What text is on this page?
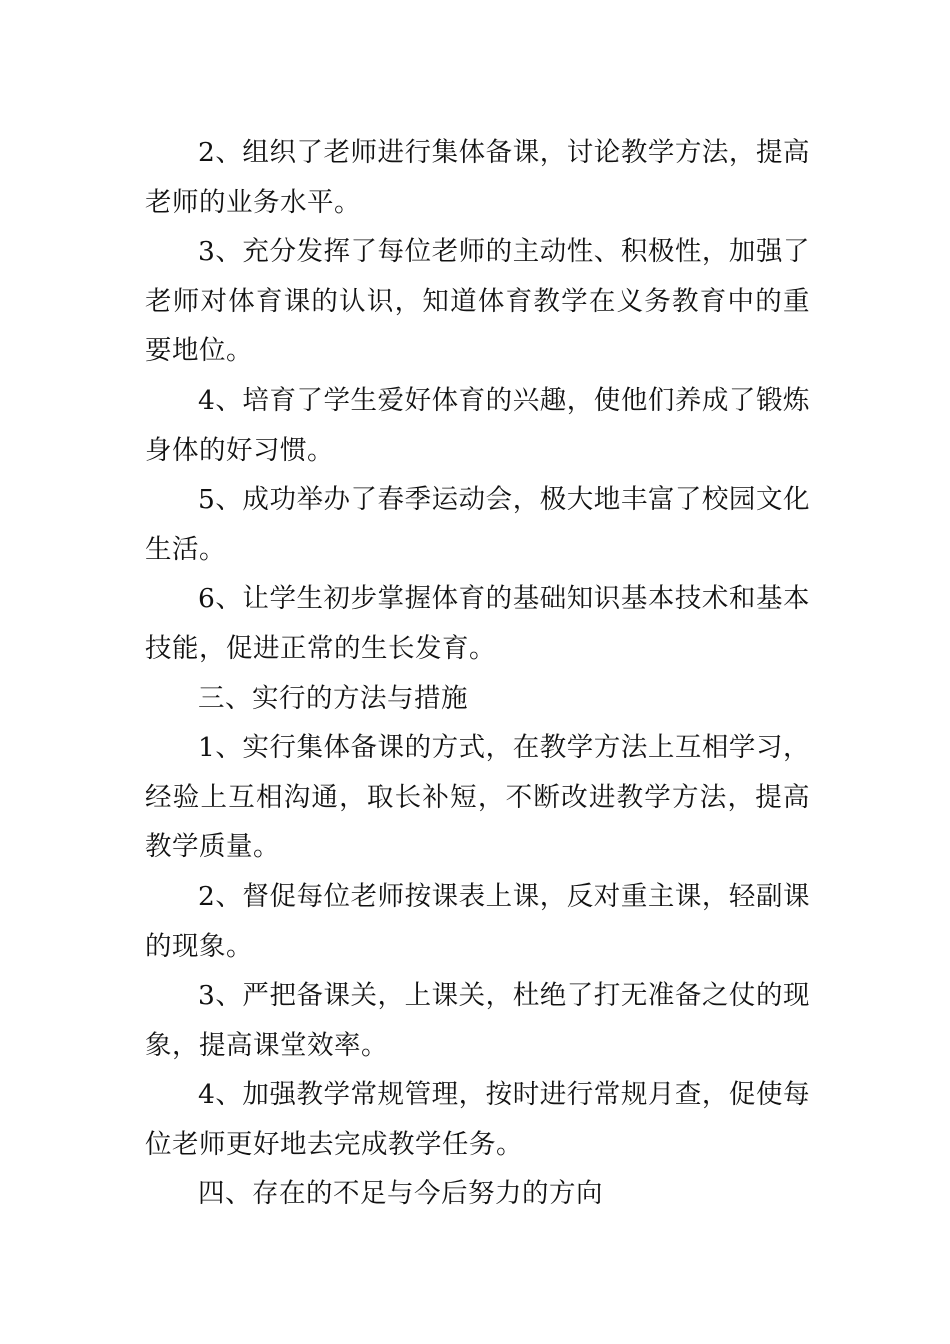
2、组织了老师进行集体备课，讨论教学方法，提高老师的业务水平。

3、充分发挥了每位老师的主动性、积极性，加强了老师对体育课的认识，知道体育教学在义务教育中的重要地位。

4、培育了学生爱好体育的兴趣，使他们养成了锻炼身体的好习惯。

5、成功举办了春季运动会，极大地丰富了校园文化生活。

6、让学生初步掌握体育的基础知识基本技术和基本技能，促进正常的生长发育。

三、实行的方法与措施

1、实行集体备课的方式，在教学方法上互相学习，经验上互相沟通，取长补短，不断改进教学方法，提高教学质量。

2、督促每位老师按课表上课，反对重主课，轻副课的现象。

3、严把备课关，上课关，杜绝了打无准备之仗的现象，提高课堂效率。

4、加强教学常规管理，按时进行常规月查，促使每位老师更好地去完成教学任务。

四、存在的不足与今后努力的方向
